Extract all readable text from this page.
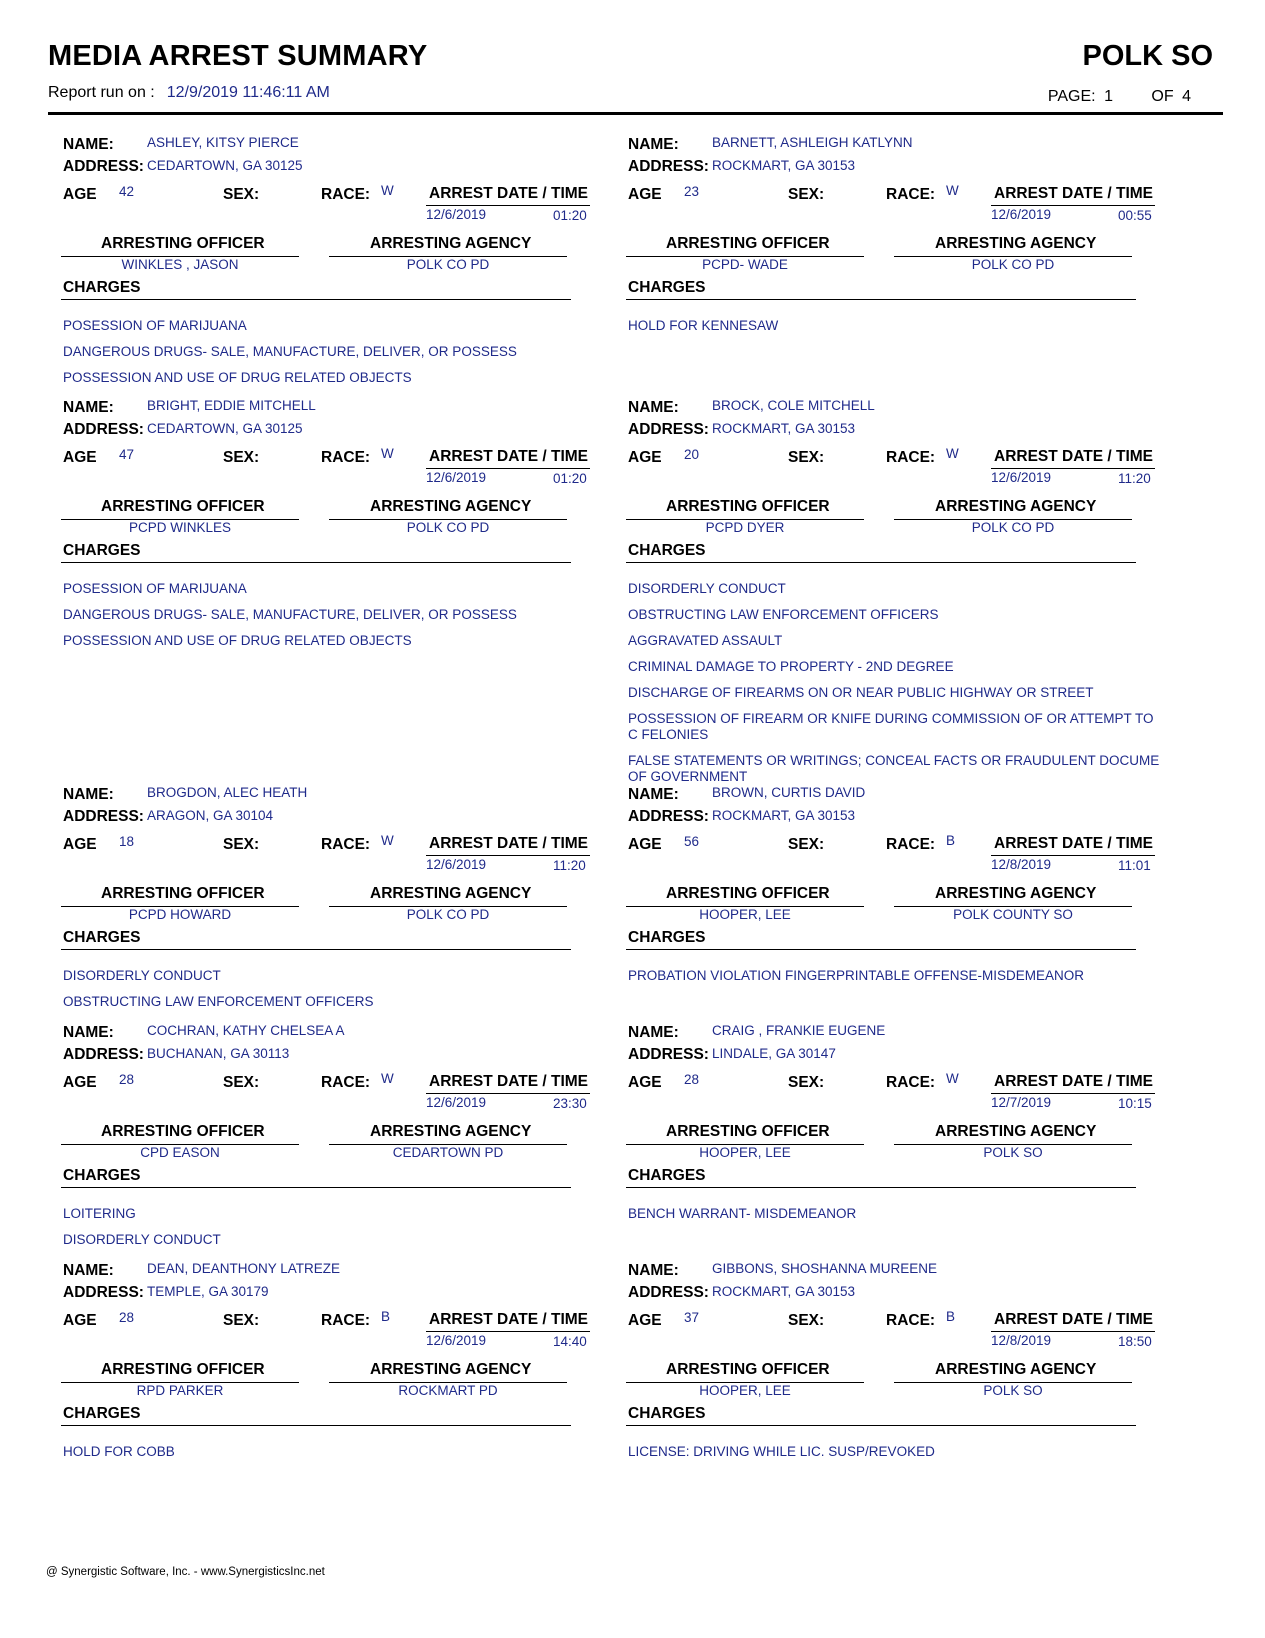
MEDIA ARREST SUMMARY	POLK SO
Report run on : 12/9/2019 11:46:11 AM	PAGE: 1 OF 4
NAME: ASHLEY, KITSY PIERCE
ADDRESS: CEDARTOWN, GA 30125
AGE 42	SEX:	RACE: W ARREST DATE / TIME
12/6/2019	01:20
ARRESTING OFFICER
WINKLES , JASON
ARRESTING AGENCY
POLK CO PD
CHARGES
POSESSION OF MARIJUANA
DANGEROUS DRUGS- SALE, MANUFACTURE, DELIVER, OR POSSESS
POSSESSION AND USE OF DRUG RELATED OBJECTS
NAME: BARNETT, ASHLEIGH KATLYNN
ADDRESS: ROCKMART, GA 30153
AGE 23	SEX:	RACE: W ARREST DATE / TIME
12/6/2019	00:55
ARRESTING OFFICER
PCPD- WADE
ARRESTING AGENCY
POLK CO PD
CHARGES
HOLD FOR KENNESAW
NAME: BRIGHT, EDDIE MITCHELL
ADDRESS: CEDARTOWN, GA 30125
AGE 47	SEX:	RACE: W ARREST DATE / TIME
12/6/2019	01:20
ARRESTING OFFICER
PCPD WINKLES
ARRESTING AGENCY
POLK CO PD
CHARGES
POSESSION OF MARIJUANA
DANGEROUS DRUGS- SALE, MANUFACTURE, DELIVER, OR POSSESS
POSSESSION AND USE OF DRUG RELATED OBJECTS
NAME: BROCK, COLE MITCHELL
ADDRESS: ROCKMART, GA 30153
AGE 20	SEX:	RACE: W ARREST DATE / TIME
12/6/2019	11:20
ARRESTING OFFICER
PCPD DYER
ARRESTING AGENCY
POLK CO PD
CHARGES
DISORDERLY CONDUCT
OBSTRUCTING LAW ENFORCEMENT OFFICERS
AGGRAVATED ASSAULT
CRIMINAL DAMAGE TO PROPERTY - 2ND DEGREE
DISCHARGE OF FIREARMS ON OR NEAR PUBLIC HIGHWAY OR STREET
POSSESSION OF FIREARM OR KNIFE DURING COMMISSION OF OR ATTEMPT TO C FELONIES
FALSE STATEMENTS OR WRITINGS; CONCEAL FACTS OR FRAUDULENT DOCUME OF GOVERNMENT
NAME: BROGDON, ALEC HEATH
ADDRESS: ARAGON, GA 30104
AGE 18	SEX:	RACE: W ARREST DATE / TIME
12/6/2019	11:20
ARRESTING OFFICER
PCPD HOWARD
ARRESTING AGENCY
POLK CO PD
CHARGES
DISORDERLY CONDUCT
OBSTRUCTING LAW ENFORCEMENT OFFICERS
NAME: BROWN, CURTIS DAVID
ADDRESS: ROCKMART, GA 30153
AGE 56	SEX:	RACE: B	ARREST DATE / TIME
12/8/2019	11:01
ARRESTING OFFICER
HOOPER, LEE
ARRESTING AGENCY
POLK COUNTY SO
CHARGES
PROBATION VIOLATION FINGERPRINTABLE OFFENSE-MISDEMEANOR
NAME: COCHRAN, KATHY CHELSEA A
ADDRESS: BUCHANAN, GA 30113
AGE 28	SEX:	RACE: W ARREST DATE / TIME
12/6/2019	23:30
ARRESTING OFFICER
CPD EASON
ARRESTING AGENCY
CEDARTOWN PD
CHARGES
LOITERING
DISORDERLY CONDUCT
NAME: CRAIG , FRANKIE EUGENE
ADDRESS: LINDALE, GA 30147
AGE 28	SEX:	RACE: W ARREST DATE / TIME
12/7/2019	10:15
ARRESTING OFFICER
HOOPER, LEE
ARRESTING AGENCY
POLK SO
CHARGES
BENCH WARRANT- MISDEMEANOR
NAME: DEAN, DEANTHONY LATREZE
ADDRESS: TEMPLE, GA 30179
AGE 28	SEX:	RACE: B	ARREST DATE / TIME
12/6/2019	14:40
ARRESTING OFFICER
RPD PARKER
ARRESTING AGENCY
ROCKMART PD
CHARGES
HOLD FOR COBB
NAME: GIBBONS, SHOSHANNA MUREENE
ADDRESS: ROCKMART, GA 30153
AGE 37	SEX:	RACE: B	ARREST DATE / TIME
12/8/2019	18:50
ARRESTING OFFICER
HOOPER, LEE
ARRESTING AGENCY
POLK SO
CHARGES
LICENSE: DRIVING WHILE LIC. SUSP/REVOKED
@ Synergistic Software, Inc. - www.SynergisticsInc.net
